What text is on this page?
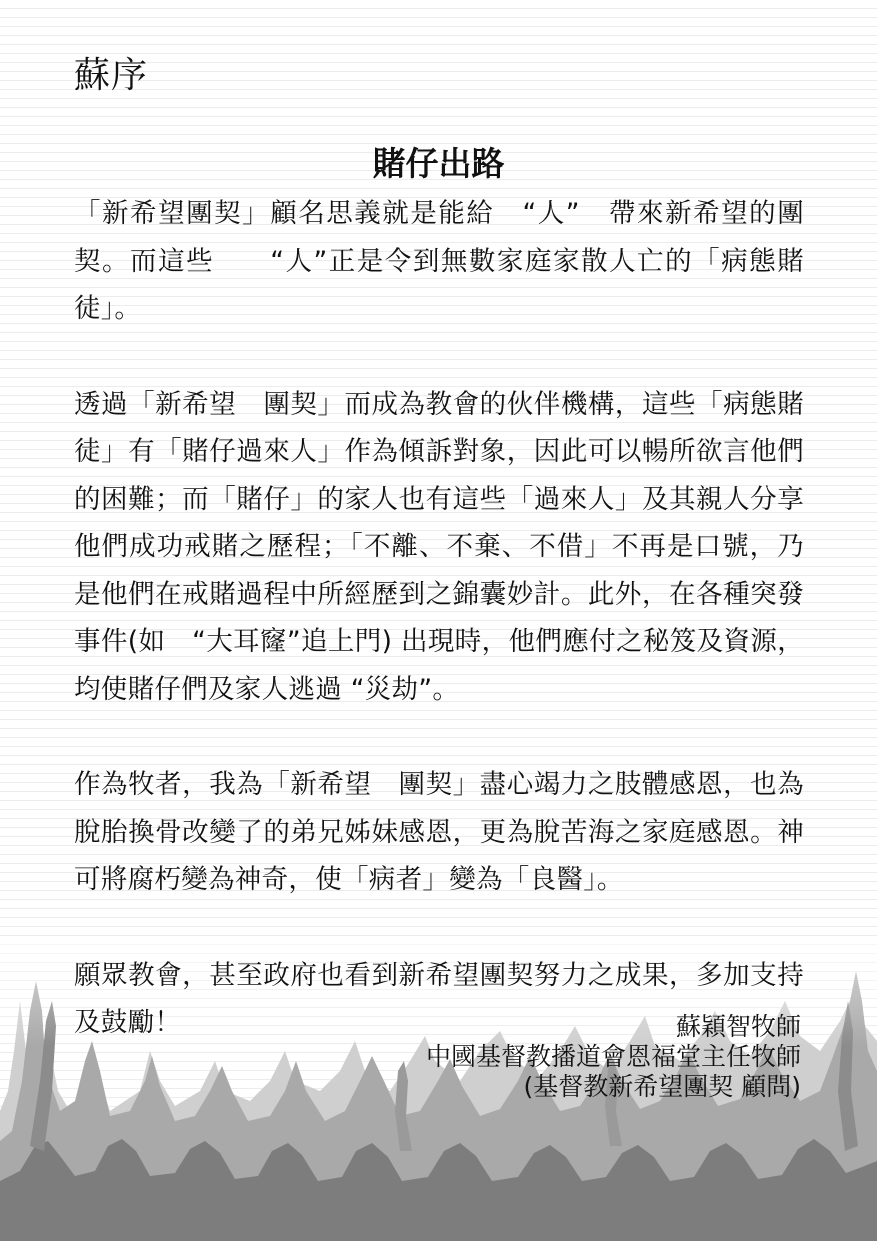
蘇序
賭仔出路

「新希望團契」顧名思義就是能給　“人”　帶來新希望的團契。而這些　　“人”正是令到無數家庭家散人亡的「病態賭徒」。

透過「新希望　團契」而成為教會的伙伴機構，這些「病態賭徒」有「賭仔過來人」作為傾訴對象，因此可以暢所欲言他們的困難；而「賭仔」的家人也有這些「過來人」及其親人分享他們成功戒賭之歷程；「不離、不棄、不借」不再是口號，乃是他們在戒賭過程中所經歷到之錦囊妙計。此外，在各種突發事件(如　“大耳窿”追上門) 出現時，他們應付之秘笈及資源，均使賭仔們及家人逃過 “災劫”。

作為牧者，我為「新希望　團契」盡心竭力之肢體感恩，也為脫胎換骨改變了的弟兄姊妹感恩，更為脫苦海之家庭感恩。神可將腐朽變為神奇，使「病者」變為「良醫」。

願眾教會，甚至政府也看到新希望團契努力之成果，多加支持及鼓勵！	蘇穎智牧師
中國基督教播道會恩福堂主任牧師
(基督教新希望團契 顧問)
